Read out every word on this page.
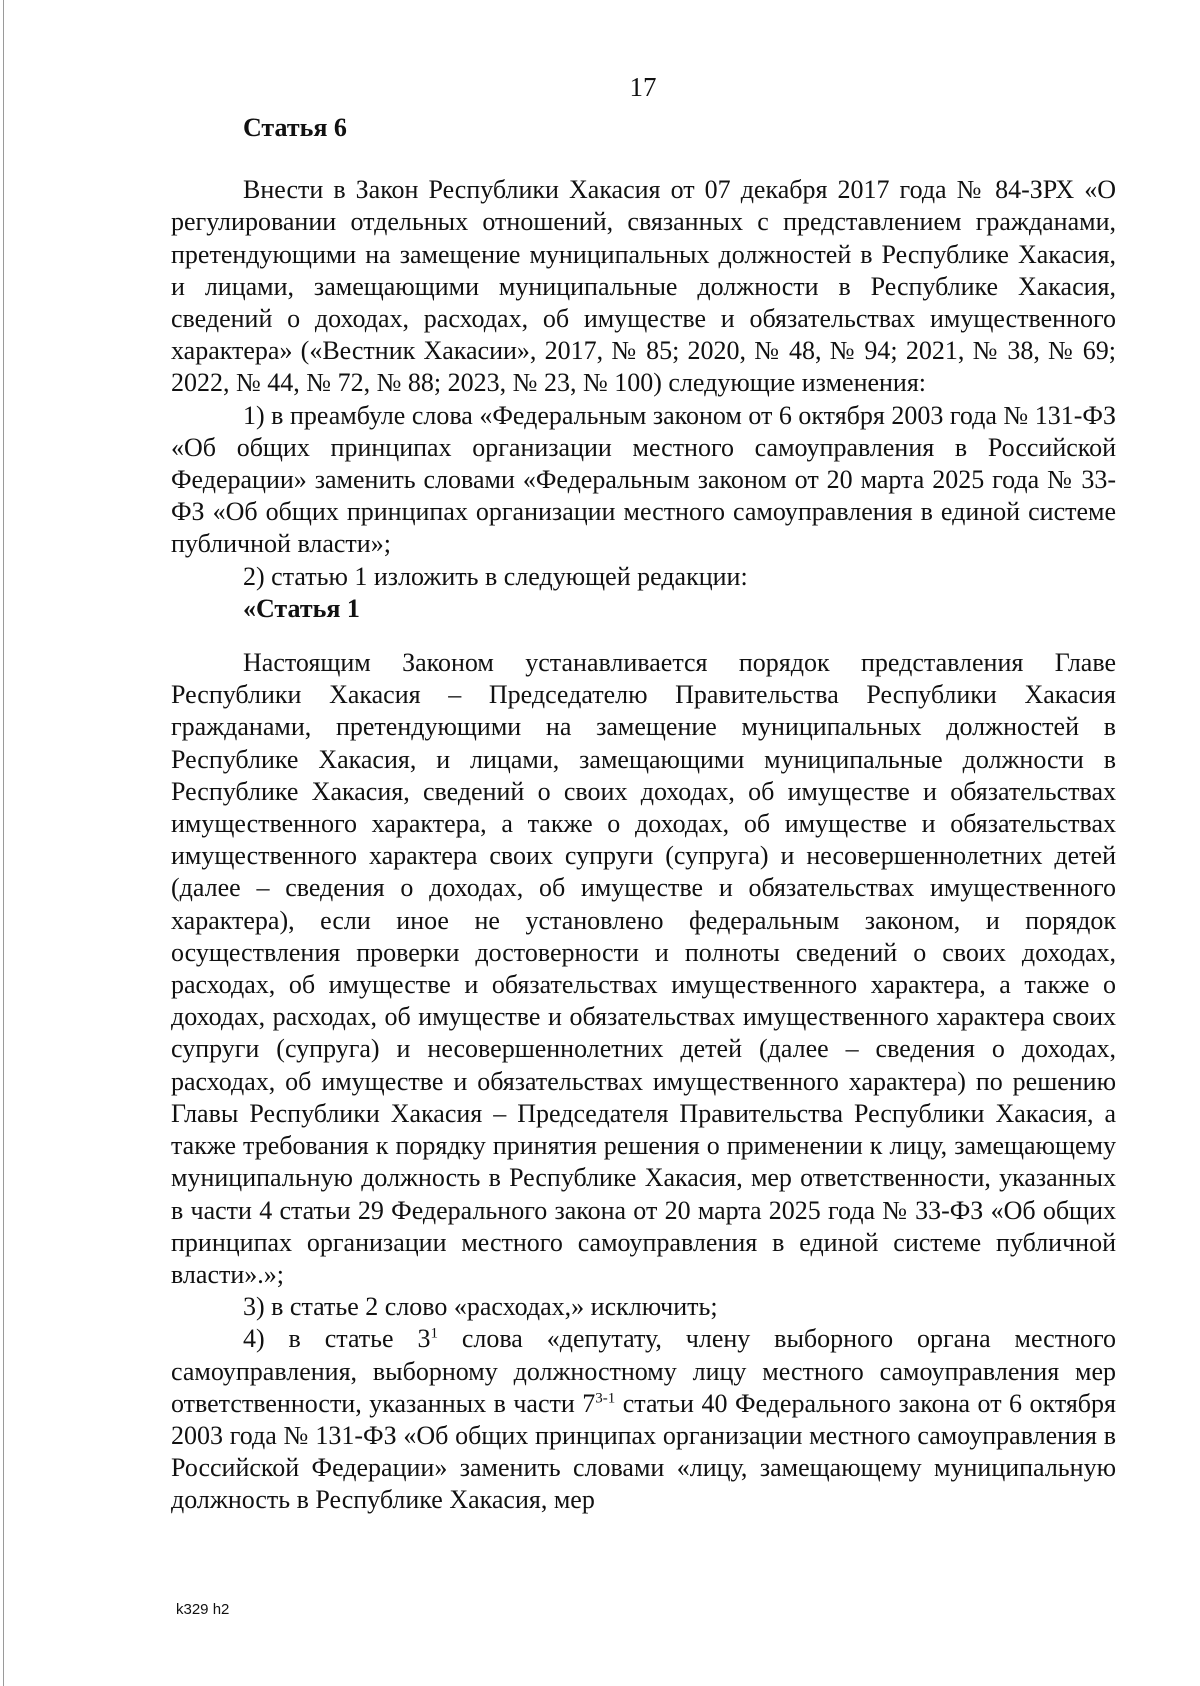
17

Статья 6

Внести в Закон Республики Хакасия от 07 декабря 2017 года № 84-ЗРХ «О регулировании отдельных отношений, связанных с представлением гражданами, претендующими на замещение муниципальных должностей в Республике Хакасия, и лицами, замещающими муниципальные должности в Республике Хакасия, сведений о доходах, расходах, об имуществе и обязательствах имущественного характера» («Вестник Хакасии», 2017, № 85; 2020, № 48, № 94; 2021, № 38, № 69; 2022, № 44, № 72, № 88; 2023, № 23, № 100) следующие изменения:

1) в преамбуле слова «Федеральным законом от 6 октября 2003 года № 131-ФЗ «Об общих принципах организации местного самоуправления в Российской Федерации» заменить словами «Федеральным законом от 20 марта 2025 года № 33-ФЗ «Об общих принципах организации местного самоуправления в единой системе публичной власти»;

2) статью 1 изложить в следующей редакции:

«Статья 1

Настоящим Законом устанавливается порядок представления Главе Республики Хакасия – Председателю Правительства Республики Хакасия гражданами, претендующими на замещение муниципальных должностей в Республике Хакасия, и лицами, замещающими муниципальные должности в Республике Хакасия, сведений о своих доходах, об имуществе и обязательствах имущественного характера, а также о доходах, об имуществе и обязательствах имущественного характера своих супруги (супруга) и несовершеннолетних детей (далее – сведения о доходах, об имуществе и обязательствах имущественного характера), если иное не установлено федеральным законом, и порядок осуществления проверки достоверности и полноты сведений о своих доходах, расходах, об имуществе и обязательствах имущественного характера, а также о доходах, расходах, об имуществе и обязательствах имущественного характера своих супруги (супруга) и несовершеннолетних детей (далее – сведения о доходах, расходах, об имуществе и обязательствах имущественного характера) по решению Главы Республики Хакасия – Председателя Правительства Республики Хакасия, а также требования к порядку принятия решения о применении к лицу, замещающему муниципальную должность в Республике Хакасия, мер ответственности, указанных в части 4 статьи 29 Федерального закона от 20 марта 2025 года № 33-ФЗ «Об общих принципах организации местного самоуправления в единой системе публичной власти».»;

3) в статье 2 слово «расходах,» исключить;

4) в статье $3^1$ слова «депутату, члену выборного органа местного самоуправления, выборному должностному лицу местного самоуправления мер ответственности, указанных в части 7$^{3-1}$ статьи 40 Федерального закона от 6 октября 2003 года № 131-ФЗ «Об общих принципах организации местного самоуправления в Российской Федерации» заменить словами «лицу, замещающему муниципальную должность в Республике Хакасия, мер

k329 h2
